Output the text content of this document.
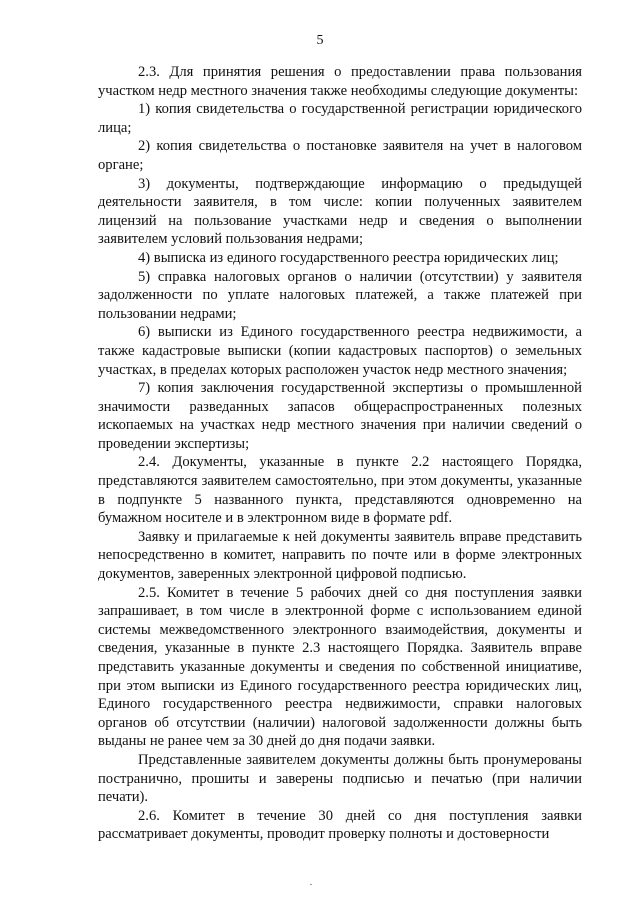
5

2.3. Для принятия решения о предоставлении права пользования участком недр местного значения также необходимы следующие документы:

1) копия свидетельства о государственной регистрации юридического лица;

2) копия свидетельства о постановке заявителя на учет в налоговом органе;

3) документы, подтверждающие информацию о предыдущей деятельности заявителя, в том числе: копии полученных заявителем лицензий на пользование участками недр и сведения о выполнении заявителем условий пользования недрами;

4) выписка из единого государственного реестра юридических лиц;

5) справка налоговых органов о наличии (отсутствии) у заявителя задолженности по уплате налоговых платежей, а также платежей при пользовании недрами;

6) выписки из Единого государственного реестра недвижимости, а также кадастровые выписки (копии кадастровых паспортов) о земельных участках, в пределах которых расположен участок недр местного значения;

7) копия заключения государственной экспертизы о промышленной значимости разведанных запасов общераспространенных полезных ископаемых на участках недр местного значения при наличии сведений о проведении экспертизы;

2.4. Документы, указанные в пункте 2.2 настоящего Порядка, представляются заявителем самостоятельно, при этом документы, указанные в подпункте 5 названного пункта, представляются одновременно на бумажном носителе и в электронном виде в формате pdf.

Заявку и прилагаемые к ней документы заявитель вправе представить непосредственно в комитет, направить по почте или в форме электронных документов, заверенных электронной цифровой подписью.

2.5. Комитет в течение 5 рабочих дней со дня поступления заявки запрашивает, в том числе в электронной форме с использованием единой системы межведомственного электронного взаимодействия, документы и сведения, указанные в пункте 2.3 настоящего Порядка. Заявитель вправе представить указанные документы и сведения по собственной инициативе, при этом выписки из Единого государственного реестра юридических лиц, Единого государственного реестра недвижимости, справки налоговых органов об отсутствии (наличии) налоговой задолженности должны быть выданы не ранее чем за 30 дней до дня подачи заявки.

Представленные заявителем документы должны быть пронумерованы постранично, прошиты и заверены подписью и печатью (при наличии печати).

2.6. Комитет в течение 30 дней со дня поступления заявки рассматривает документы, проводит проверку полноты и достоверности
